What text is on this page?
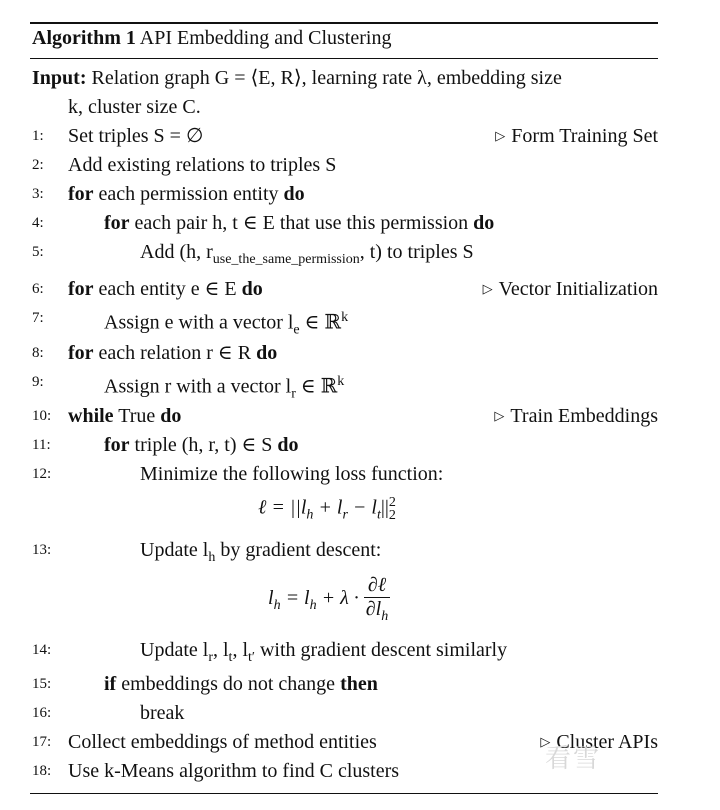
Algorithm 1 API Embedding and Clustering
Input: Relation graph G = ⟨E, R⟩, learning rate λ, embedding size
k, cluster size C.
1:	Set triples S = ∅	▷ Form Training Set
2:	Add existing relations to triples S
3:	for each permission entity do
4:	for each pair h, t ∈ E that use this permission do
5:	Add (h, $r_{use\_the\_same\_permission}$, t) to triples S
6:	for each entity e ∈ E do	▷ Vector Initialization
7:	Assign e with a vector $l_e$ ∈ ℝ$^k$
8:	for each relation r ∈ R do
9:	Assign r with a vector $l_r$ ∈ ℝ$^k$
10: while True do	▷ Train Embeddings
11:	for triple (h, r, t) ∈ S do
12:	Minimize the following loss function:
ℓ = $||l_h + l_r - l_t||$ 2
2
13:	Update $l_h$ by gradient descent:
$l_h = l_h + \lambda \cdot \frac{\text{∂ℓ}}{\partial l_h}$
14:	Update $l_r$, $l_t$, $l_{t'}$ with gradient descent similarly
15:	if embeddings do not change then
16:	break
17: Collect embeddings of method entities	▷ Cluster APIs
18: Use k-Means algorithm to find C clusters	看雪
